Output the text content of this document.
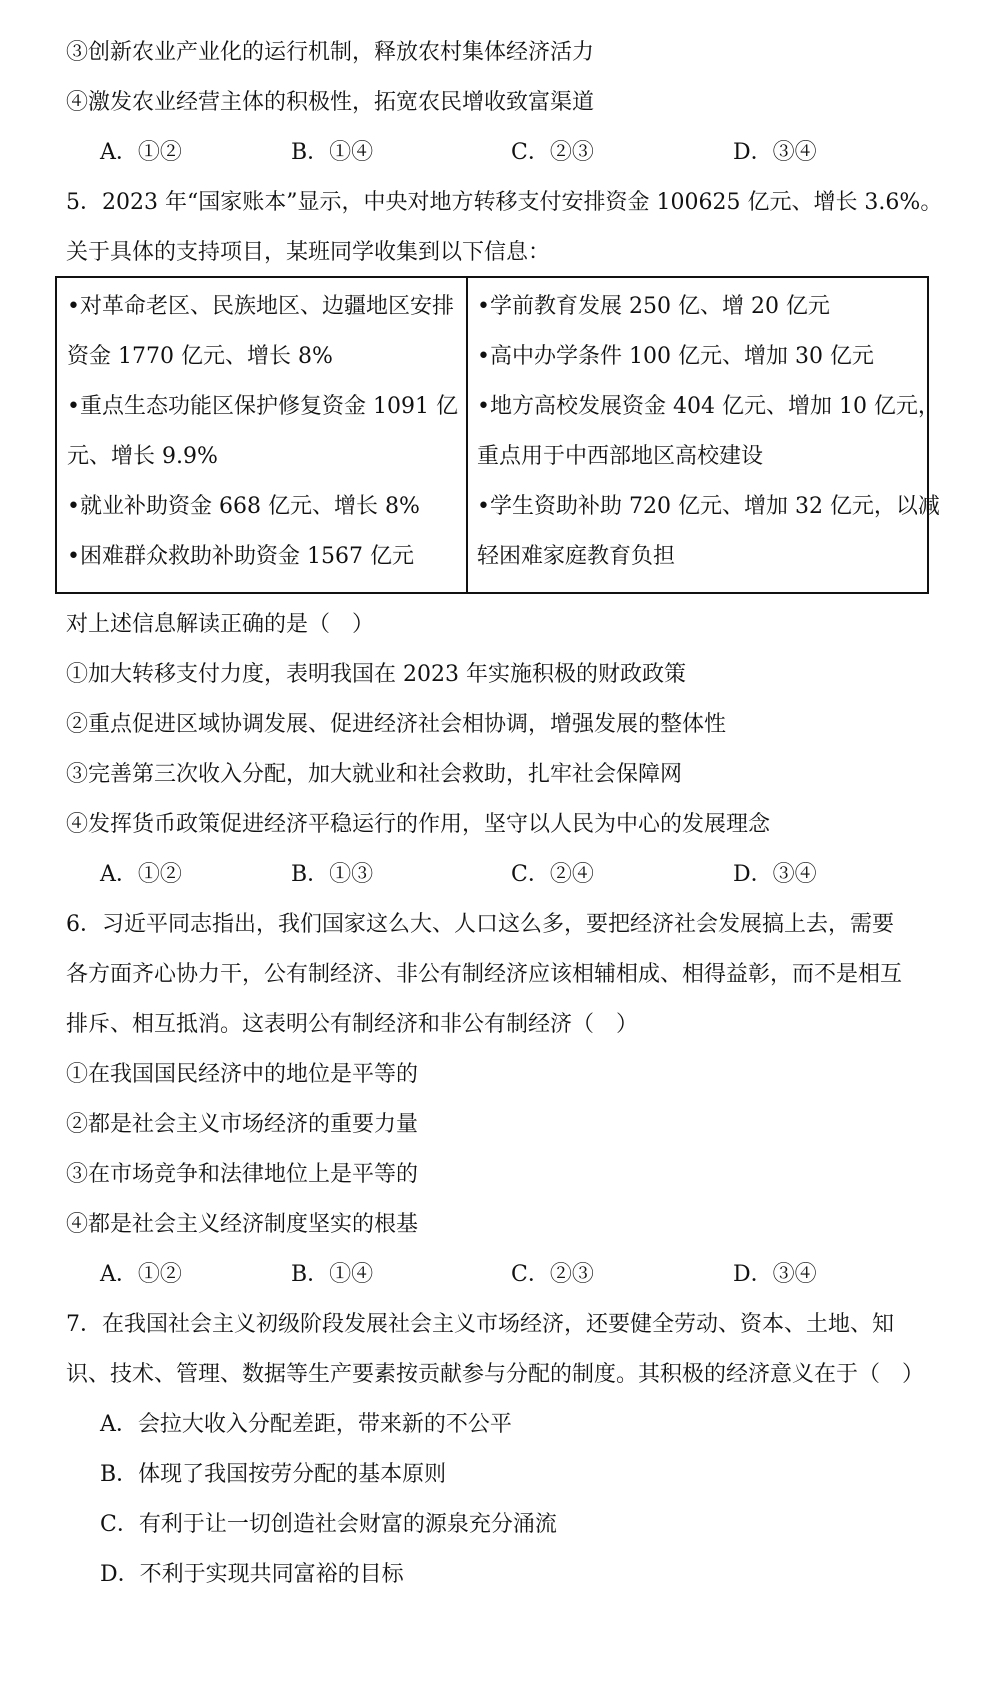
③创新农业产业化的运行机制，释放农村集体经济活力
④激发农业经营主体的积极性，拓宽农民增收致富渠道
A．①②	B．①④	C．②③	D．③④
5．2023 年“国家账本”显示，中央对地方转移支付安排资金 100625 亿元、增长 3.6%。
关于具体的支持项目，某班同学收集到以下信息：
•对革命老区、民族地区、边疆地区安排
资金 1770 亿元、增长 8%
•重点生态功能区保护修复资金 1091 亿
元、增长 9.9%
•就业补助资金 668 亿元、增长 8%
•困难群众救助补助资金 1567 亿元
•学前教育发展 250 亿、增 20 亿元
•高中办学条件 100 亿元、增加 30 亿元
•地方高校发展资金 404 亿元、增加 10 亿元，
重点用于中西部地区高校建设
•学生资助补助 720 亿元、增加 32 亿元，以减
轻困难家庭教育负担
对上述信息解读正确的是（　）
①加大转移支付力度，表明我国在 2023 年实施积极的财政政策
②重点促进区域协调发展、促进经济社会相协调，增强发展的整体性
③完善第三次收入分配，加大就业和社会救助，扎牢社会保障网
④发挥货币政策促进经济平稳运行的作用，坚守以人民为中心的发展理念
A．①②	B．①③	C．②④	D．③④
6．习近平同志指出，我们国家这么大、人口这么多，要把经济社会发展搞上去，需要
各方面齐心协力干，公有制经济、非公有制经济应该相辅相成、相得益彰，而不是相互
排斥、相互抵消。这表明公有制经济和非公有制经济（　）
①在我国国民经济中的地位是平等的
②都是社会主义市场经济的重要力量
③在市场竞争和法律地位上是平等的
④都是社会主义经济制度坚实的根基
A．①②	B．①④	C．②③	D．③④
7．在我国社会主义初级阶段发展社会主义市场经济，还要健全劳动、资本、土地、知
识、技术、管理、数据等生产要素按贡献参与分配的制度。其积极的经济意义在于（　）
A．会拉大收入分配差距，带来新的不公平
B．体现了我国按劳分配的基本原则
C．有利于让一切创造社会财富的源泉充分涌流
D．不利于实现共同富裕的目标
